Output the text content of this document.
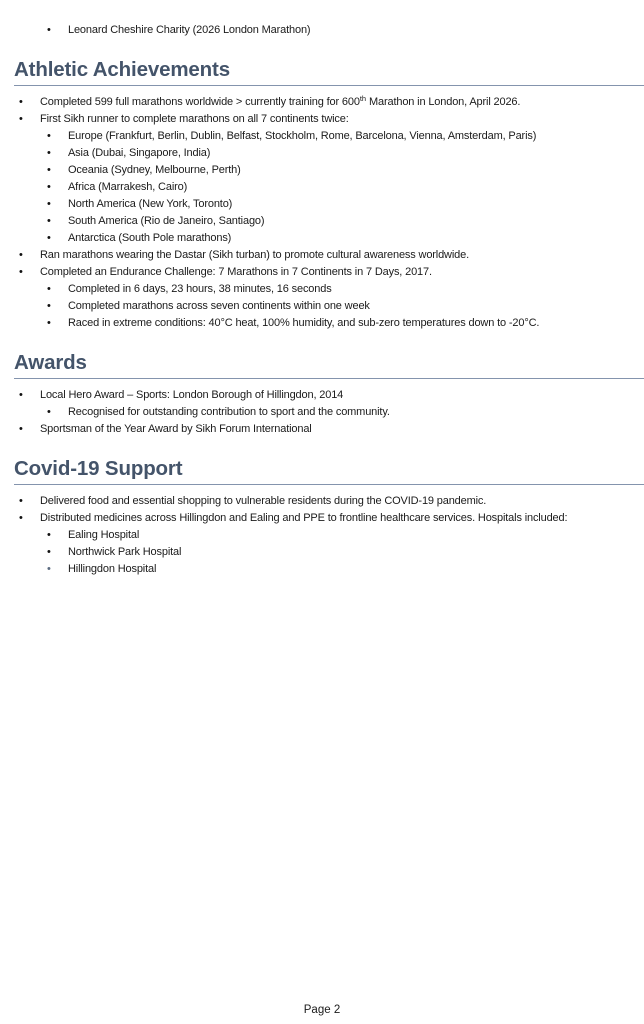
•	Leonard Cheshire Charity (2026 London Marathon)
Athletic Achievements
•	Completed 599 full marathons worldwide > currently training for 600th Marathon in London, April 2026.
•	First Sikh runner to complete marathons on all 7 continents twice:
•	Europe (Frankfurt, Berlin, Dublin, Belfast, Stockholm, Rome, Barcelona, Vienna, Amsterdam, Paris)
•	Asia (Dubai, Singapore, India)
•	Oceania (Sydney, Melbourne, Perth)
•	Africa (Marrakesh, Cairo)
•	North America (New York, Toronto)
•	South America (Rio de Janeiro, Santiago)
•	Antarctica (South Pole marathons)
•	Ran marathons wearing the Dastar (Sikh turban) to promote cultural awareness worldwide.
•	Completed an Endurance Challenge: 7 Marathons in 7 Continents in 7 Days, 2017.
•	Completed in 6 days, 23 hours, 38 minutes, 16 seconds
•	Completed marathons across seven continents within one week
•	Raced in extreme conditions: 40°C heat, 100% humidity, and sub-zero temperatures down to -20°C.
Awards
•	Local Hero Award – Sports: London Borough of Hillingdon, 2014
•	Recognised for outstanding contribution to sport and the community.
•	Sportsman of the Year Award by Sikh Forum International
Covid-19 Support
•	Delivered food and essential shopping to vulnerable residents during the COVID-19 pandemic.
•	Distributed medicines across Hillingdon and Ealing and PPE to frontline healthcare services. Hospitals included:
•	Ealing Hospital
•	Northwick Park Hospital
•	Hillingdon Hospital
Page 2
